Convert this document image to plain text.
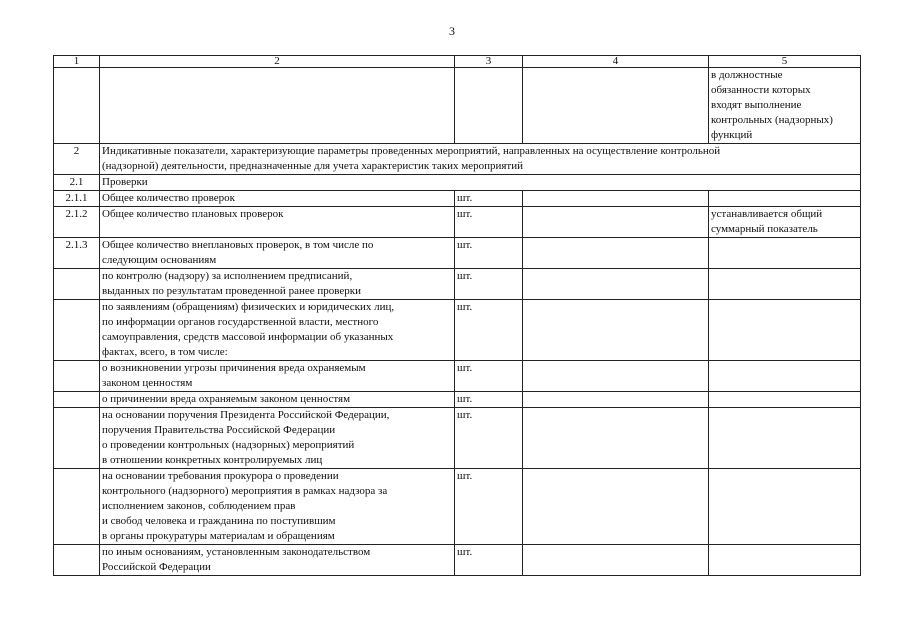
3
1	2	3	4	5
				в должностные
обязанности которых
входят выполнение
контрольных (надзорных)
функций
2	Индикативные показатели, характеризующие параметры проведенных мероприятий, направленных на осуществление контрольной
(надзорной) деятельности, предназначенные для учета характеристик таких мероприятий			
2.1	Проверки			
2.1.1	Общее количество проверок	шт.		
2.1.2	Общее количество плановых проверок	шт.		устанавливается общий
суммарный показатель
2.1.3	Общее количество внеплановых проверок, в том числе по
следующим основаниям	шт.		
	по контролю (надзору) за исполнением предписаний,
выданных по результатам проведенной ранее проверки	шт.		
	по заявлениям (обращениям) физических и юридических лиц,
по информации органов государственной власти, местного
самоуправления, средств массовой информации об указанных
фактах, всего, в том числе:	шт.		
	о возникновении угрозы причинения вреда охраняемым
законом ценностям	шт.		
	о причинении вреда охраняемым законом ценностям	шт.		
	на основании поручения Президента Российской Федерации,
поручения Правительства Российской Федерации
о проведении контрольных (надзорных) мероприятий
в отношении конкретных контролируемых лиц	шт.		
	на основании требования прокурора о проведении
контрольного (надзорного) мероприятия в рамках надзора за
исполнением законов, соблюдением прав
и свобод человека и гражданина по поступившим
в органы прокуратуры материалам и обращениям	шт.		
	по иным основаниям, установленным законодательством
Российской Федерации	шт.		
